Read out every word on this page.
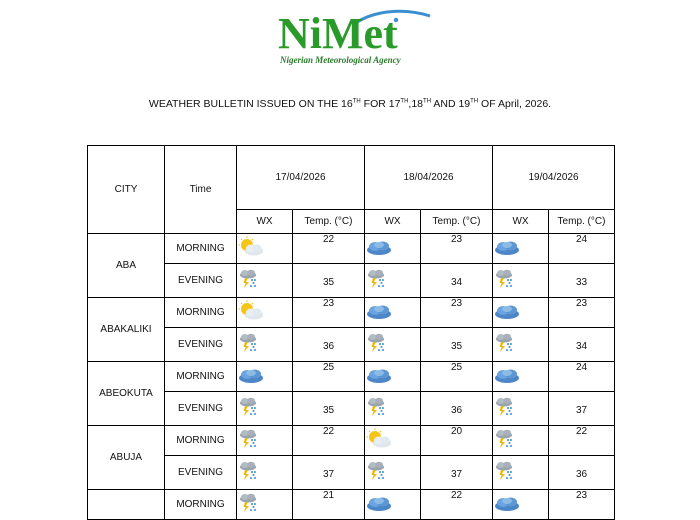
NiMet
Nigerian Meteorological Agency
WEATHER BULLETIN ISSUED ON THE 16TH FOR 17TH,18TH AND 19TH OF April, 2026.
CITY	Time	17/04/2026		18/04/2026		19/04/2026	
		WX	Temp. (°C)	WX	Temp. (°C)	WX	Temp. (°C)
ABA	MORNING		22		23		24
	EVENING		35		34		33
ABAKALIKI	MORNING		23		23		23
	EVENING		36		35		34
ABEOKUTA	MORNING		25		25		24
	EVENING		35		36		37
ABUJA	MORNING		22		20		22
	EVENING		37		37		36
	MORNING		21		22		23
